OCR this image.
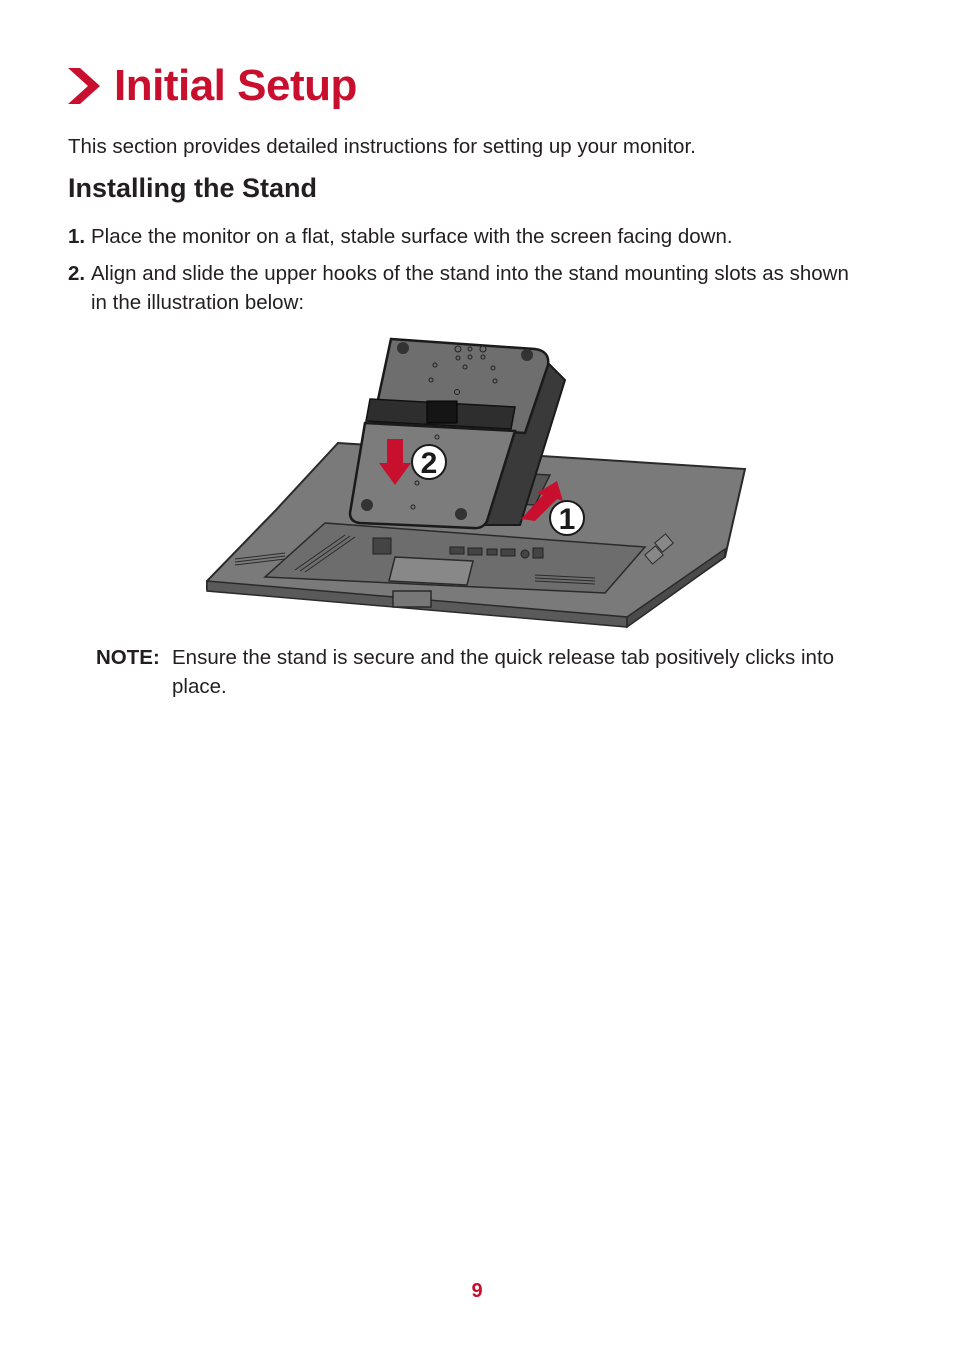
Initial Setup
This section provides detailed instructions for setting up your monitor.
Installing the Stand
1. Place the monitor on a flat, stable surface with the screen facing down.
2. Align and slide the upper hooks of the stand into the stand mounting slots as shown in the illustration below:
2
1
NOTE: Ensure the stand is secure and the quick release tab positively clicks into place.
9
